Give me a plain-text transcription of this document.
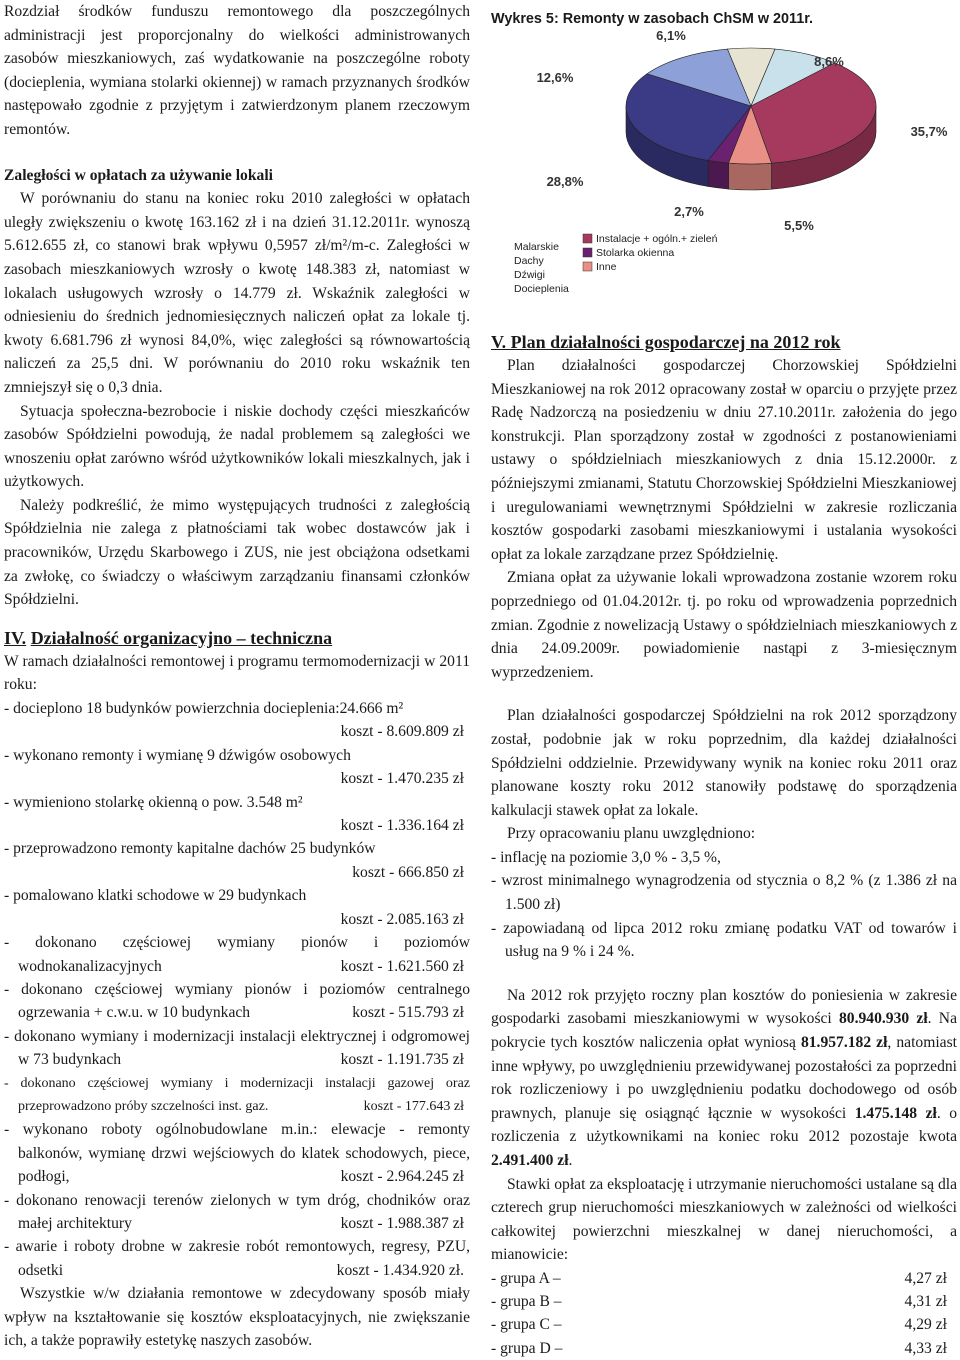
Rozdział środków funduszu remontowego dla poszczególnych administracji jest proporcjonalny do wielkości administrowanych zasobów mieszkaniowych, zaś wydatkowanie na poszczególne roboty (docieplenia, wymiana stolarki okiennej) w ramach przyznanych środków następowało zgodnie z przyjętym i zatwierdzonym planem rzeczowym remontów.

Zaległości w opłatach za używanie lokali

W porównaniu do stanu na koniec roku 2010 zaległości w opłatach uległy zwiększeniu o kwotę 163.162 zł i na dzień 31.12.2011r. wynoszą 5.612.655 zł, co stanowi brak wpływu 0,5957 zł/m²/m-c. Zaległości w zasobach mieszkaniowych wzrosły o kwotę 148.383 zł, natomiast w lokalach usługowych wzrosły o 14.779 zł. Wskaźnik zaległości w odniesieniu do średnich jednomiesięcznych naliczeń opłat za lokale tj. kwoty 6.681.796 zł wynosi 84,0%, więc zaległości są równowartością naliczeń za 25,5 dni. W porównaniu do 2010 roku wskaźnik ten zmniejszył się o 0,3 dnia.

Sytuacja społeczna-bezrobocie i niskie dochody części mieszkańców zasobów Spółdzielni powodują, że nadal problemem są zaległości we wnoszeniu opłat zarówno wśród użytkowników lokali mieszkalnych, jak i użytkowych.

Należy podkreślić, że mimo występujących trudności z zaległością Spółdzielnia nie zalega z płatnościami tak wobec dostawców jak i pracowników, Urzędu Skarbowego i ZUS, nie jest obciążona odsetkami za zwłokę, co świadczy o właściwym zarządzaniu finansami członków Spółdzielni.

IV. Działalność organizacyjno – techniczna

W ramach działalności remontowej i programu termomodernizacji w 2011 roku:

- docieplono 18 budynków powierzchnia docieplenia:24.666 m²
koszt - 8.609.809 zł
- wykonano remonty i wymianę 9 dźwigów osobowych
koszt - 1.470.235 zł
- wymieniono stolarkę okienną o pow. 3.548 m²
koszt - 1.336.164 zł
- przeprowadzono remonty kapitalne dachów 25 budynków
koszt - 666.850 zł
- pomalowano klatki schodowe w 29 budynkach
koszt - 2.085.163 zł
- dokonano częściowej wymiany pionów i poziomów wodnokanalizacyjnych	koszt - 1.621.560 zł
- dokonano częściowej wymiany pionów i poziomów centralnego ogrzewania + c.w.u. w 10 budynkach	koszt - 515.793 zł
- dokonano wymiany i modernizacji instalacji elektrycznej i odgromowej w 73 budynkach	koszt - 1.191.735 zł
- dokonano częściowej wymiany i modernizacji instalacji gazowej oraz przeprowadzono próby szczelności inst. gaz.	koszt - 177.643 zł
- wykonano roboty ogólnobudowlane m.in.: elewacje - remonty balkonów, wymianę drzwi wejściowych do klatek schodowych, piece, podłogi,	koszt - 2.964.245 zł
- dokonano renowacji terenów zielonych w tym dróg, chodników oraz małej architektury	koszt - 1.988.387 zł
- awarie i roboty drobne w zakresie robót remontowych, regresy, PZU, odsetki	koszt - 1.434.920 zł.

Wszystkie w/w działania remontowe w zdecydowany sposób miały wpływ na kształtowanie się kosztów eksploatacyjnych, nie zwiększanie ich, a także poprawiły estetykę naszych zasobów.

Wykres 5: Remonty w zasobach ChSM w 2011r.

6,1%
8,6%
35,7%
5,5%
2,7%
28,8%
12,6%
Malarskie
Dachy
Dźwigi
Docieplenia
Instalacje + ogóln.+ zieleń
Stolarka okienna
Inne

V. Plan działalności gospodarczej na 2012 rok

Plan działalności gospodarczej Chorzowskiej Spółdzielni Mieszkaniowej na rok 2012 opracowany został w oparciu o przyjęte przez Radę Nadzorczą na posiedzeniu w dniu 27.10.2011r. założenia do jego konstrukcji. Plan sporządzony został w zgodności z postanowieniami ustawy o spółdzielniach mieszkaniowych z dnia 15.12.2000r. z późniejszymi zmianami, Statutu Chorzowskiej Spółdzielni Mieszkaniowej i uregulowaniami wewnętrznymi Spółdzielni w zakresie rozliczania kosztów gospodarki zasobami mieszkaniowymi i ustalania wysokości opłat za lokale zarządzane przez Spółdzielnię.

Zmiana opłat za używanie lokali wprowadzona zostanie wzorem roku poprzedniego od 01.04.2012r. tj. po roku od wprowadzenia poprzednich zmian. Zgodnie z nowelizacją Ustawy o spółdzielniach mieszkaniowych z dnia 24.09.2009r. powiadomienie nastąpi z 3-miesięcznym wyprzedzeniem.

Plan działalności gospodarczej Spółdzielni na rok 2012 sporządzony został, podobnie jak w roku poprzednim, dla każdej działalności Spółdzielni oddzielnie. Przewidywany wynik na koniec roku 2011 oraz planowane koszty roku 2012 stanowiły podstawę do sporządzenia kalkulacji stawek opłat za lokale.

Przy opracowaniu planu uwzględniono:

- inflację na poziomie 3,0 % - 3,5 %,
- wzrost minimalnego wynagrodzenia od stycznia o 8,2 % (z 1.386 zł na 1.500 zł)
- zapowiadaną od lipca 2012 roku zmianę podatku VAT od towarów i usług na 9 % i 24 %.

Na 2012 rok przyjęto roczny plan kosztów do poniesienia w zakresie gospodarki zasobami mieszkaniowymi w wysokości 80.940.930 zł. Na pokrycie tych kosztów naliczenia opłat wyniosą 81.957.182 zł, natomiast inne wpływy, po uwzględnieniu przewidywanej pozostałości za poprzedni rok rozliczeniowy i po uwzględnieniu podatku dochodowego od osób prawnych, planuje się osiągnąć łącznie w wysokości 1.475.148 zł. o rozliczenia z użytkownikami na koniec roku 2012 pozostaje kwota 2.491.400 zł.

Stawki opłat za eksploatację i utrzymanie nieruchomości ustalane są dla czterech grup nieruchomości mieszkaniowych w zależności od wielkości całkowitej powierzchni mieszkalnej w danej nieruchomości, a mianowicie:

- grupa A –	4,27 zł
- grupa B –	4,31 zł
- grupa C –	4,29 zł
- grupa D –	4,33 zł
